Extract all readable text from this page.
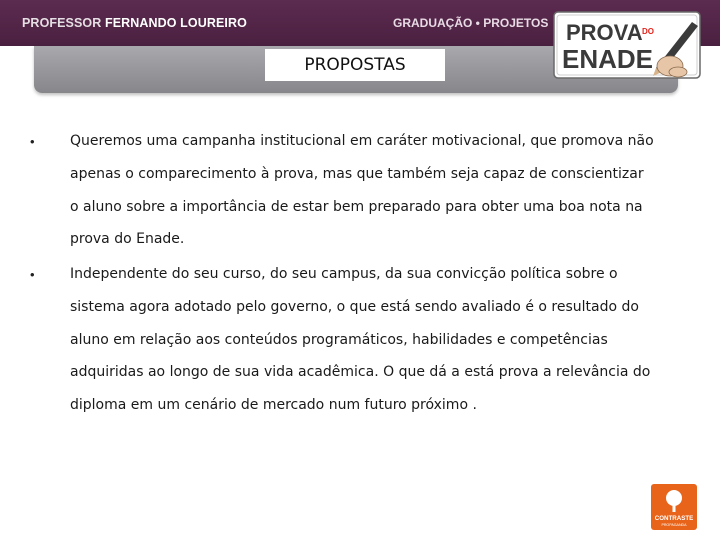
PROFESSOR FERNANDO LOUREIRO	GRADUAÇÃO • PROJETOS
PROPOSTAS
PROVA DO
ENADE
•	Queremos uma campanha institucional em caráter motivacional, que promova não
apenas o comparecimento à prova, mas que também seja capaz de conscientizar
o aluno sobre a importância de estar bem preparado para obter uma boa nota na
prova do Enade.
•	Independente do seu curso, do seu campus, da sua convicção política sobre o
sistema agora adotado pelo governo, o que está sendo avaliado é o resultado do
aluno em relação aos conteúdos programáticos, habilidades e competências
adquiridas ao longo de sua vida acadêmica. O que dá a está prova a relevância do
diploma em um cenário de mercado num futuro próximo .
CONTRASTE
PROPAGANDA
